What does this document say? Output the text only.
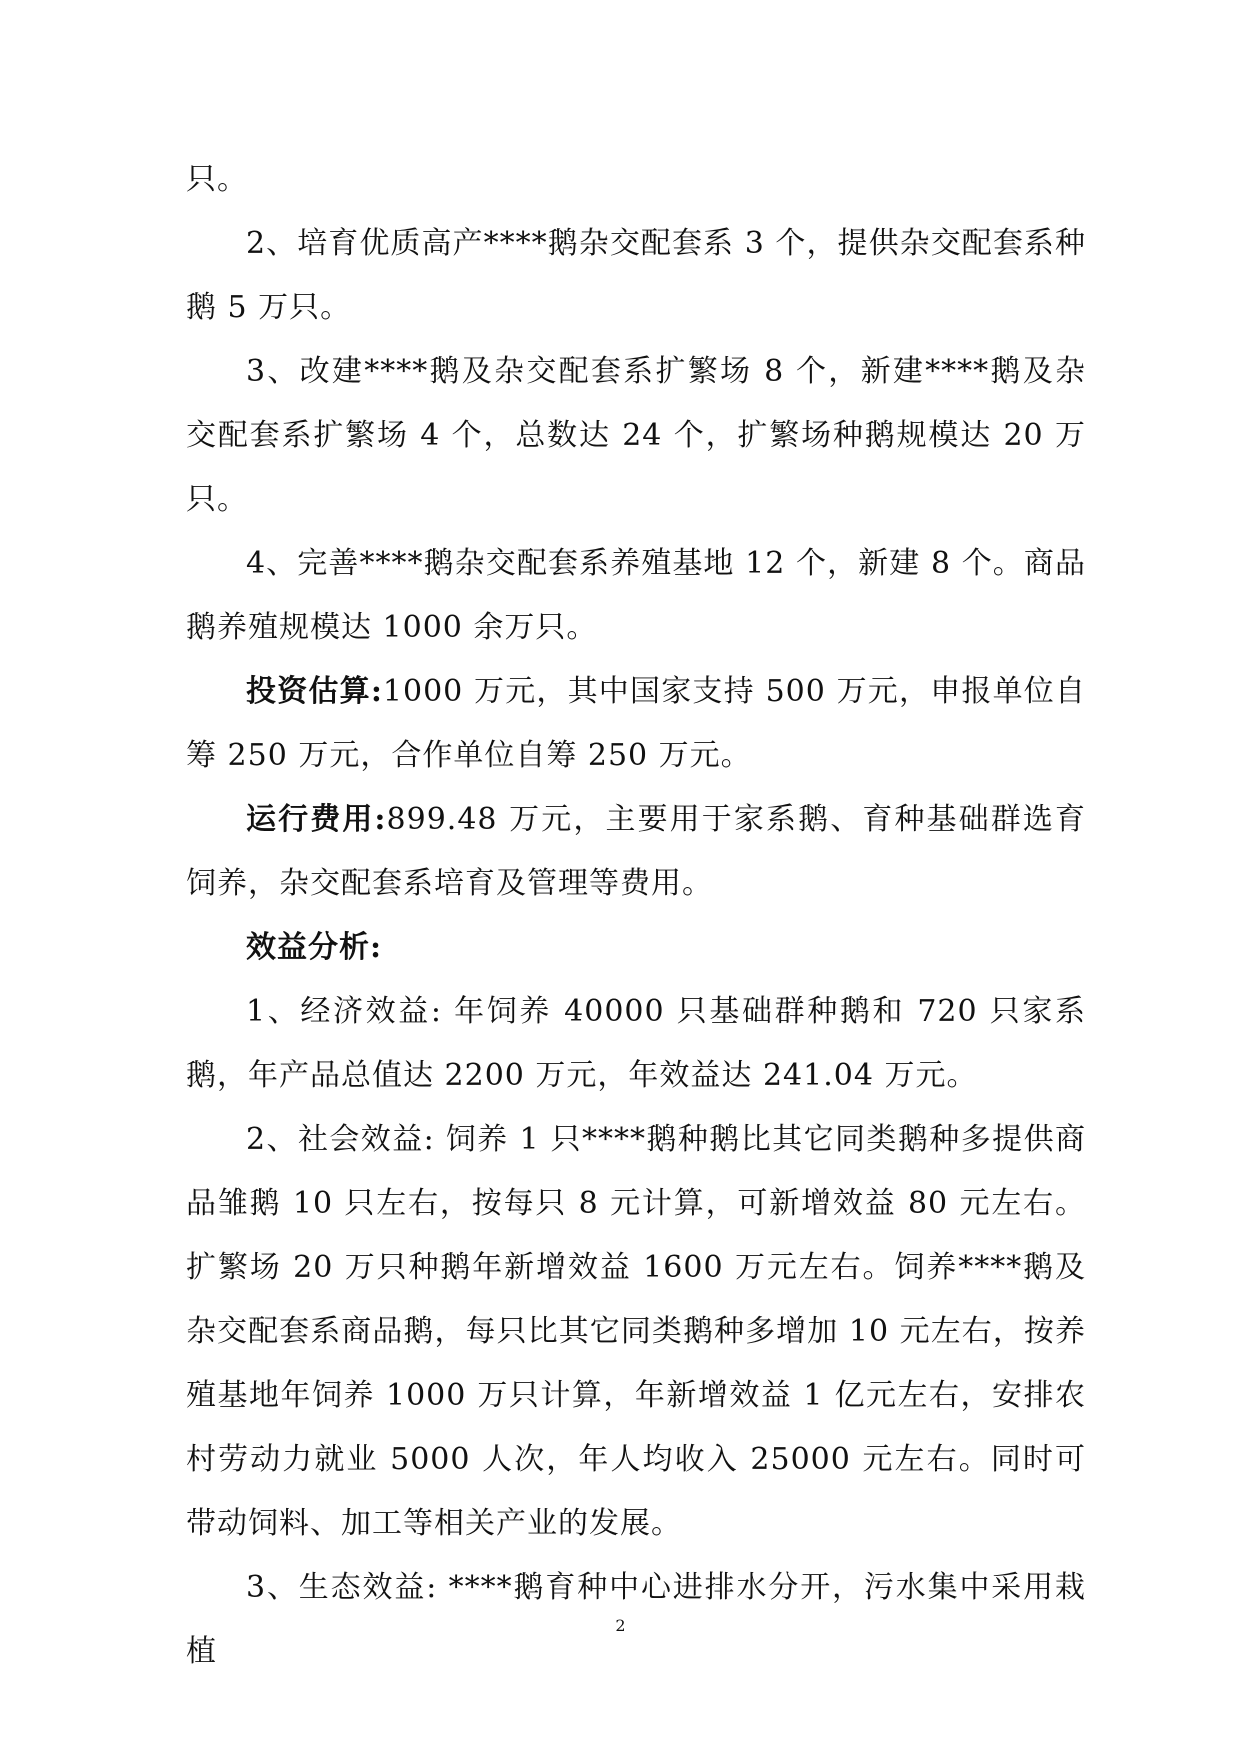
只。

2、培育优质高产****鹅杂交配套系 3 个，提供杂交配套系种鹅 5 万只。

3、改建****鹅及杂交配套系扩繁场 8 个，新建****鹅及杂交配套系扩繁场 4 个，总数达 24 个，扩繁场种鹅规模达 20 万只。

4、完善****鹅杂交配套系养殖基地 12 个，新建 8 个。商品鹅养殖规模达 1000 余万只。

投资估算:1000 万元，其中国家支持 500 万元，申报单位自筹 250 万元，合作单位自筹 250 万元。

运行费用:899.48 万元，主要用于家系鹅、育种基础群选育饲养，杂交配套系培育及管理等费用。

效益分析:

1、经济效益: 年饲养 40000 只基础群种鹅和 720 只家系鹅，年产品总值达 2200 万元，年效益达 241.04 万元。

2、社会效益: 饲养 1 只****鹅种鹅比其它同类鹅种多提供商品雏鹅 10 只左右，按每只 8 元计算，可新增效益 80 元左右。扩繁场 20 万只种鹅年新增效益 1600 万元左右。饲养****鹅及杂交配套系商品鹅，每只比其它同类鹅种多增加 10 元左右，按养殖基地年饲养 1000 万只计算，年新增效益 1 亿元左右，安排农村劳动力就业 5000 人次，年人均收入 25000 元左右。同时可带动饲料、加工等相关产业的发展。

3、生态效益: ****鹅育种中心进排水分开，污水集中采用栽植

2
